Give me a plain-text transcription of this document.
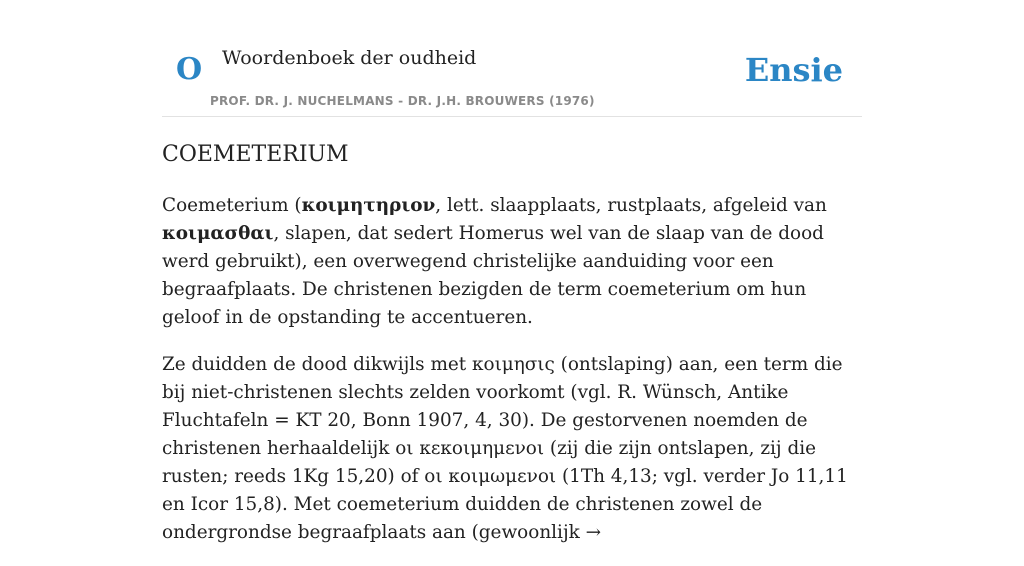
O Woordenboek der oudheid
PROF. DR. J. NUCHELMANS - DR. J.H. BROUWERS (1976)
Ensie
COEMETERIUM

Coemeterium (κοιμητηριον, lett. slaapplaats, rustplaats, afgeleid van κοιμασθαι, slapen, dat sedert Homerus wel van de slaap van de dood werd gebruikt), een overwegend christelijke aanduiding voor een begraafplaats. De christenen bezigden de term coemeterium om hun geloof in de opstanding te accentueren.

Ze duidden de dood dikwijls met κοιμησις (ontslaping) aan, een term die bij niet-christenen slechts zelden voorkomt (vgl. R. Wünsch, Antike Fluchtafeln = KT 20, Bonn 1907, 4, 30). De gestorvenen noemden de christenen herhaaldelijk οι κεκοιμημενοι (zij die zijn ontslapen, zij die rusten; reeds 1Kg 15,20) of οι κοιμωμενοι (1Th 4,13; vgl. verder Jo 11,11 en Icor 15,8). Met coemeterium duidden de christenen zowel de ondergrondse begraafplaats aan (gewoonlijk →
